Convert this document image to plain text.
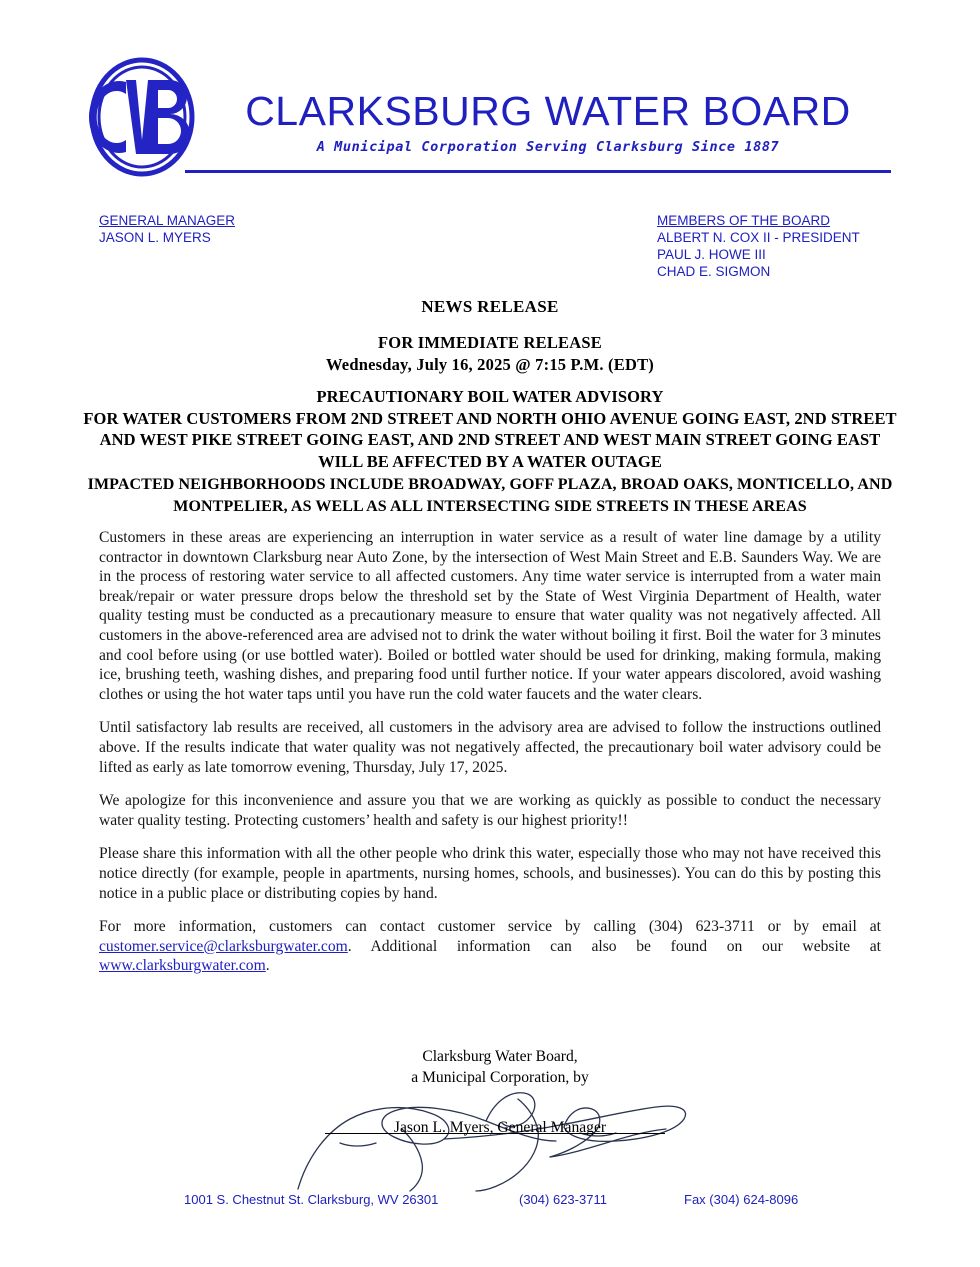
CLARKSBURG WATER BOARD
A Municipal Corporation Serving Clarksburg Since 1887
GENERAL MANAGER
JASON L. MYERS
MEMBERS OF THE BOARD
ALBERT N. COX II - PRESIDENT
PAUL J. HOWE III
CHAD E. SIGMON
NEWS RELEASE
FOR IMMEDIATE RELEASE
Wednesday, July 16, 2025 @ 7:15 P.M. (EDT)
PRECAUTIONARY BOIL WATER ADVISORY
FOR WATER CUSTOMERS FROM 2ND STREET AND NORTH OHIO AVENUE GOING EAST, 2ND STREET AND WEST PIKE STREET GOING EAST, AND 2ND STREET AND WEST MAIN STREET GOING EAST WILL BE AFFECTED BY A WATER OUTAGE
IMPACTED NEIGHBORHOODS INCLUDE BROADWAY, GOFF PLAZA, BROAD OAKS, MONTICELLO, AND MONTPELIER, AS WELL AS ALL INTERSECTING SIDE STREETS IN THESE AREAS

Customers in these areas are experiencing an interruption in water service as a result of water line damage by a utility contractor in downtown Clarksburg near Auto Zone, by the intersection of West Main Street and E.B. Saunders Way. We are in the process of restoring water service to all affected customers. Any time water service is interrupted from a water main break/repair or water pressure drops below the threshold set by the State of West Virginia Department of Health, water quality testing must be conducted as a precautionary measure to ensure that water quality was not negatively affected. All customers in the above-referenced area are advised not to drink the water without boiling it first. Boil the water for 3 minutes and cool before using (or use bottled water). Boiled or bottled water should be used for drinking, making formula, making ice, brushing teeth, washing dishes, and preparing food until further notice. If your water appears discolored, avoid washing clothes or using the hot water taps until you have run the cold water faucets and the water clears.

Until satisfactory lab results are received, all customers in the advisory area are advised to follow the instructions outlined above. If the results indicate that water quality was not negatively affected, the precautionary boil water advisory could be lifted as early as late tomorrow evening, Thursday, July 17, 2025.

We apologize for this inconvenience and assure you that we are working as quickly as possible to conduct the necessary water quality testing. Protecting customers’ health and safety is our highest priority!!

Please share this information with all the other people who drink this water, especially those who may not have received this notice directly (for example, people in apartments, nursing homes, schools, and businesses). You can do this by posting this notice in a public place or distributing copies by hand.

For more information, customers can contact customer service by calling (304) 623-3711 or by email at customer.service@clarksburgwater.com. Additional information can also be found on our website at www.clarksburgwater.com.

Clarksburg Water Board,
a Municipal Corporation, by
Jason L. Myers, General Manager
1001 S. Chestnut St. Clarksburg, WV 26301	(304) 623-3711	Fax (304) 624-8096
